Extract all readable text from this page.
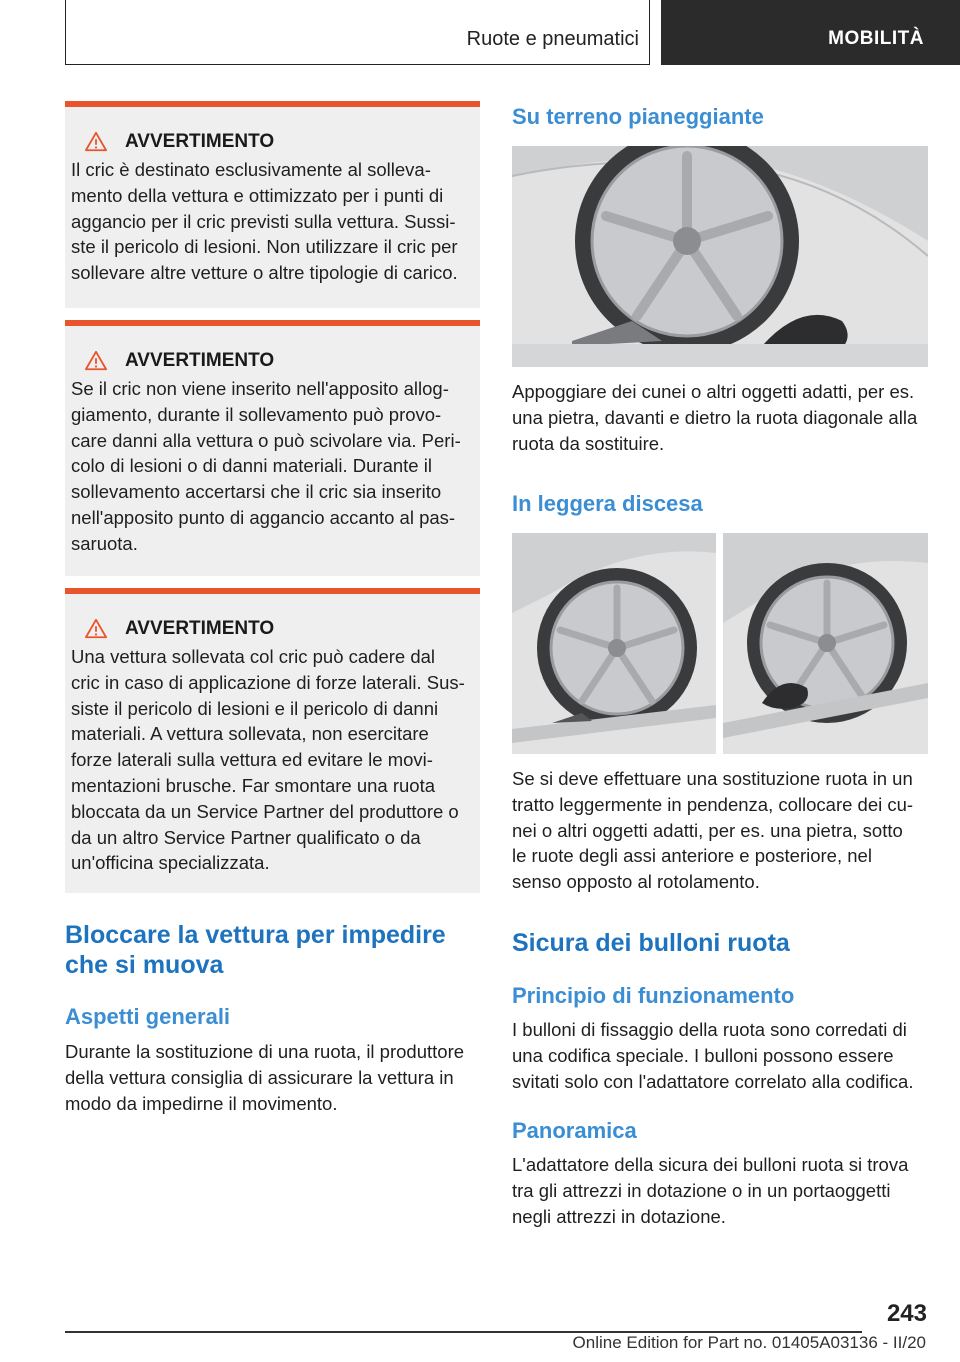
Ruote e pneumatici	MOBILITÀ
AVVERTIMENTO
Il cric è destinato esclusivamente al solleva-
mento della vettura e ottimizzato per i punti di
aggancio per il cric previsti sulla vettura. Sussi-
ste il pericolo di lesioni. Non utilizzare il cric per
sollevare altre vetture o altre tipologie di carico.
AVVERTIMENTO
Se il cric non viene inserito nell'apposito allog-
giamento, durante il sollevamento può provo-
care danni alla vettura o può scivolare via. Peri-
colo di lesioni o di danni materiali. Durante il
sollevamento accertarsi che il cric sia inserito
nell'apposito punto di aggancio accanto al pas-
saruota.
AVVERTIMENTO
Una vettura sollevata col cric può cadere dal
cric in caso di applicazione di forze laterali. Sus-
siste il pericolo di lesioni e il pericolo di danni
materiali. A vettura sollevata, non esercitare
forze laterali sulla vettura ed evitare le movi-
mentazioni brusche. Far smontare una ruota
bloccata da un Service Partner del produttore o
da un altro Service Partner qualificato o da
un'officina specializzata.
Bloccare la vettura per impedire
che si muova
Aspetti generali
Durante la sostituzione di una ruota, il produttore
della vettura consiglia di assicurare la vettura in
modo da impedirne il movimento.
Su terreno pianeggiante
Appoggiare dei cunei o altri oggetti adatti, per es.
una pietra, davanti e dietro la ruota diagonale alla
ruota da sostituire.
In leggera discesa
Se si deve effettuare una sostituzione ruota in un
tratto leggermente in pendenza, collocare dei cu-
nei o altri oggetti adatti, per es. una pietra, sotto
le ruote degli assi anteriore e posteriore, nel
senso opposto al rotolamento.
Sicura dei bulloni ruota
Principio di funzionamento
I bulloni di fissaggio della ruota sono corredati di
una codifica speciale. I bulloni possono essere
svitati solo con l'adattatore correlato alla codifica.
Panoramica
L'adattatore della sicura dei bulloni ruota si trova
tra gli attrezzi in dotazione o in un portaoggetti
negli attrezzi in dotazione.
243
Online Edition for Part no. 01405A03136 - II/20
